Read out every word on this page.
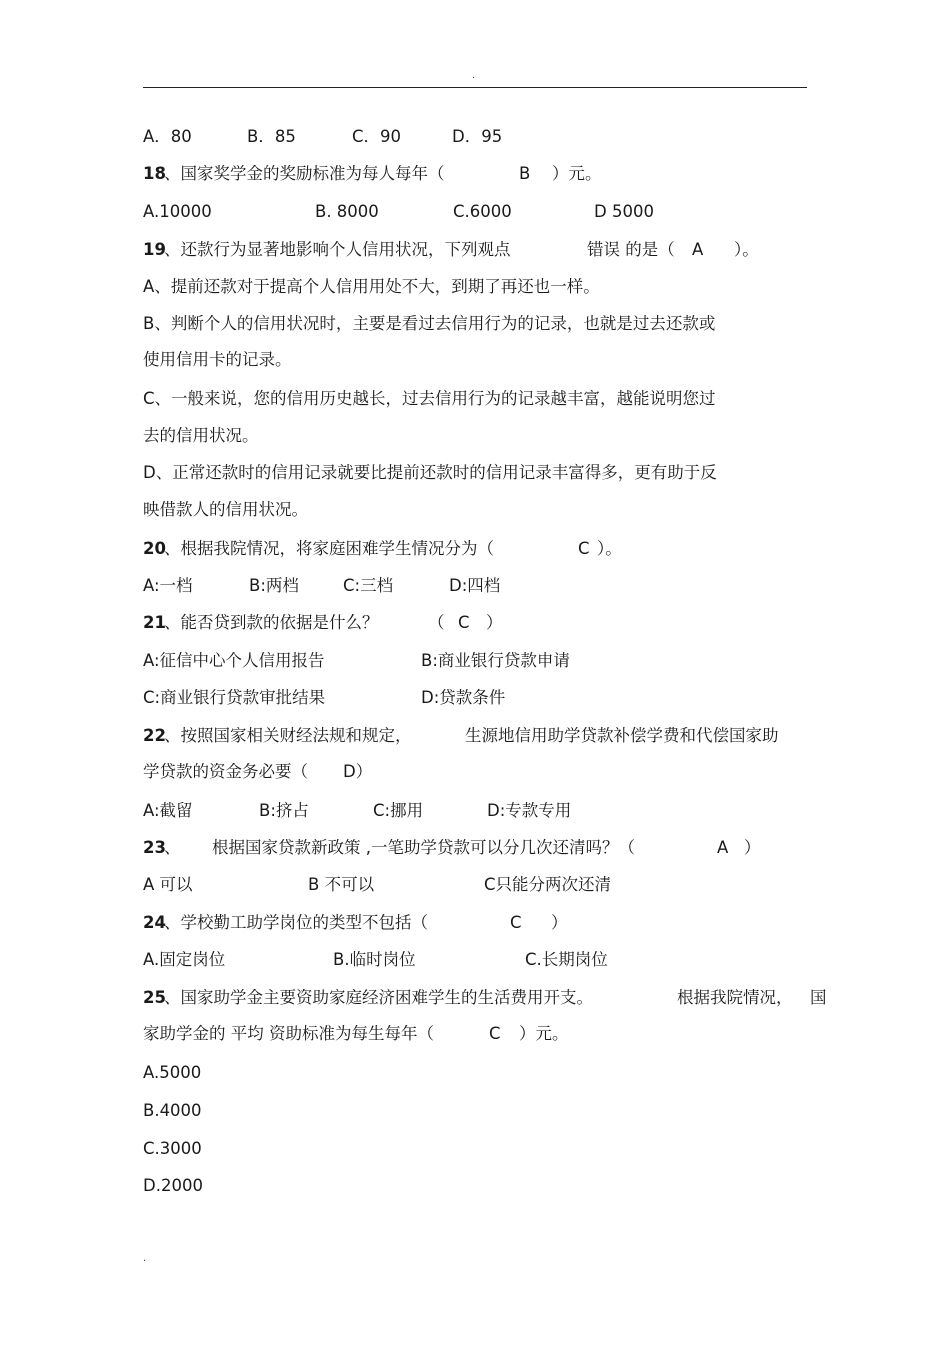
.
A．80	B．85	C．90	D．95
18
、国家奖学金的奖励标准为每人每年（	B ）元。
A.10000	B. 8000	C.6000	D 5000
19
、还款行为显著地影响个人信用状况，下列观点	错误 的是（ A ）。
A、提前还款对于提高个人信用用处不大，到期了再还也一样。
B、判断个人的信用状况时，主要是看过去信用行为的记录，也就是过去还款或
使用信用卡的记录。
C、一般来说，您的信用历史越长，过去信用行为的记录越丰富，越能说明您过
去的信用状况。
D、正常还款时的信用记录就要比提前还款时的信用记录丰富得多，更有助于反
映借款人的信用状况。
20
、根据我院情况，将家庭困难学生情况分为（	C ）。
A:一档	B:两档	C:三档	D:四档
21
、能否贷到款的依据是什么？	（ C ）
A:征信中心个人信用报告	B:商业银行贷款申请
C:商业银行贷款审批结果	D:贷款条件
22
、按照国家相关财经法规和规定，	生源地信用助学贷款补偿学费和代偿国家助
学贷款的资金务必要（ D）
A:截留	B:挤占	C:挪用	D:专款专用
23
、 根据国家贷款新政策 ,一笔助学贷款可以分几次还清吗？（	A ）
A 可以	B 不可以	C只能分两次还清
24
、学校勤工助学岗位的类型不包括（	C ）
A.固定岗位	B.临时岗位	C.长期岗位
25
、国家助学金主要资助家庭经济困难学生的生活费用开支。	根据我院情况， 国
家助学金的 平均 资助标准为每生每年（	C ）元。
A.5000
B.4000
C.3000
D.2000
.
